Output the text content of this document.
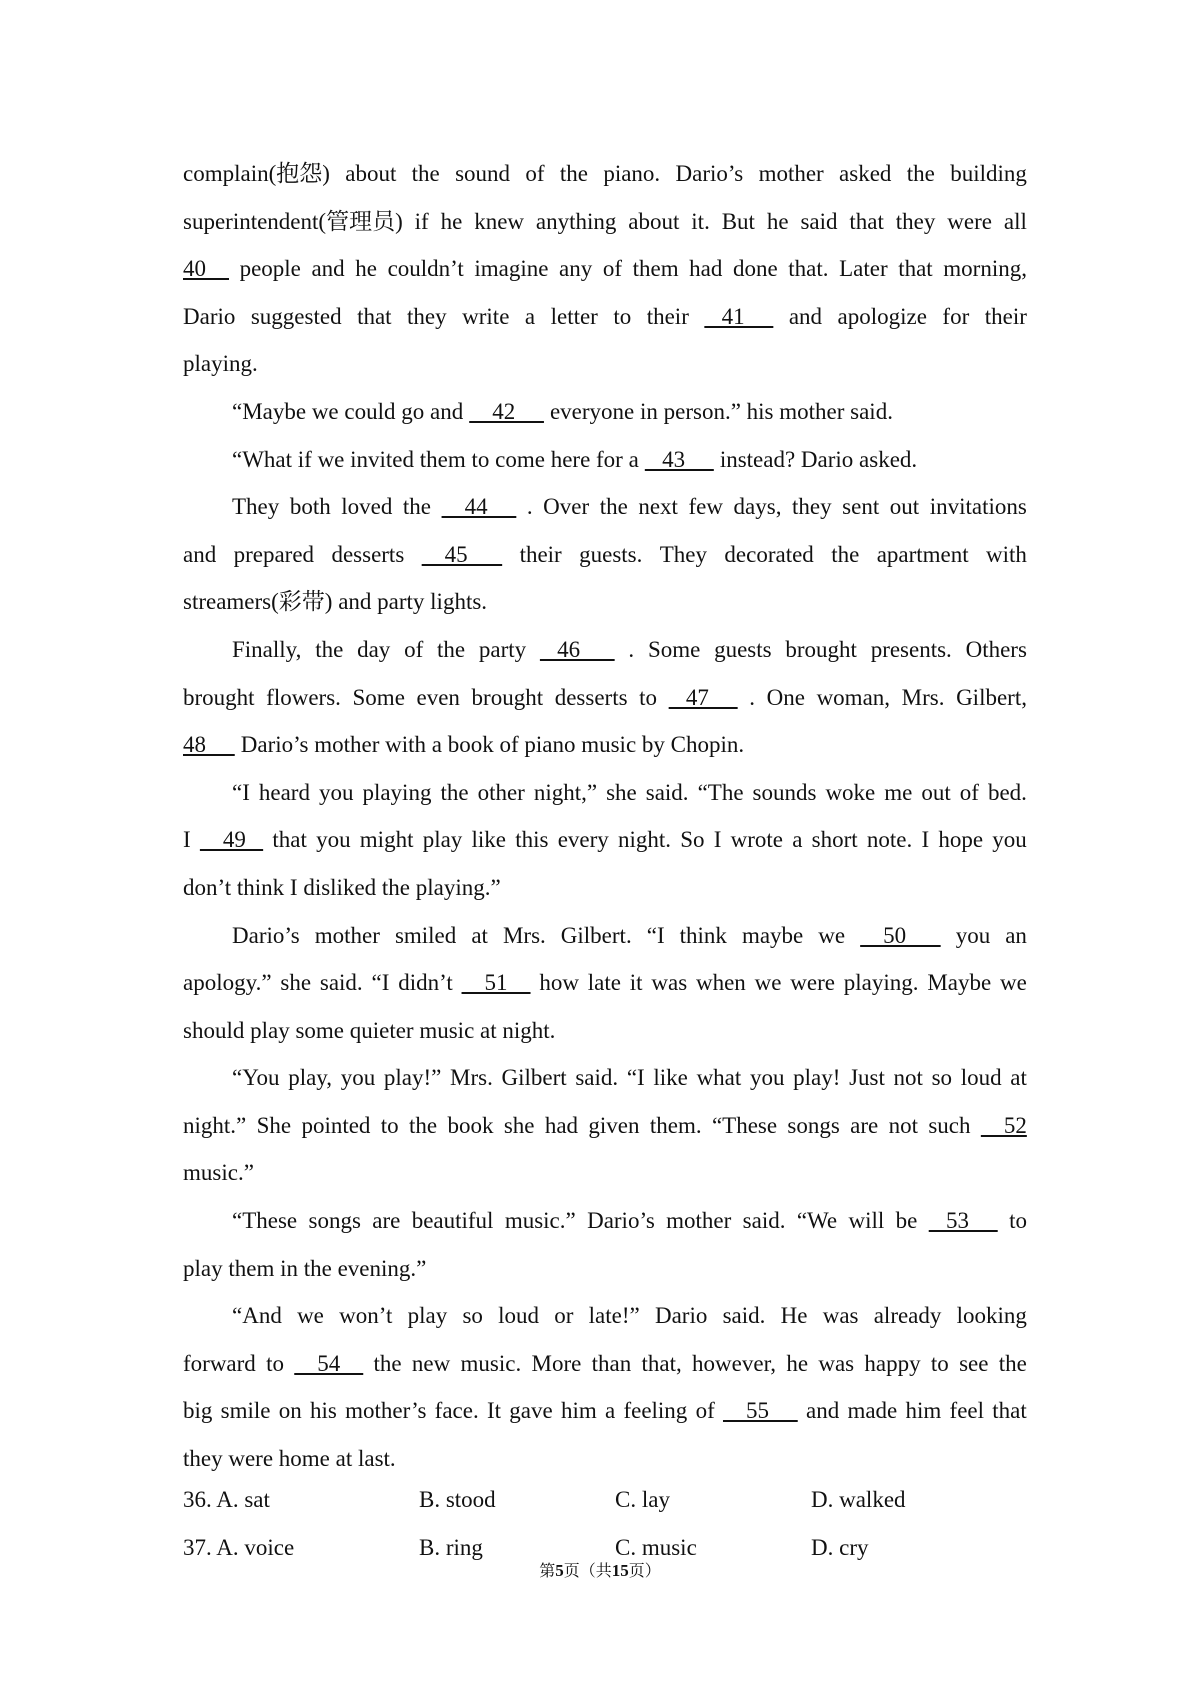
complain(抱怨) about the sound of the piano. Dario’s mother asked the building
superintendent(管理员) if he knew anything about it. But he said that they were all
40 people and he couldn’t imagine any of them had done that. Later that morning,
Dario suggested that they write a letter to their 41 and apologize for their
playing.
“Maybe we could go and 42 everyone in person.” his mother said.
“What if we invited them to come here for a 43 instead? Dario asked.
They both loved the 44 . Over the next few days, they sent out invitations
and prepared desserts 45 their guests. They decorated the apartment with
streamers(彩带) and party lights.
Finally, the day of the party 46 . Some guests brought presents. Others
brought flowers. Some even brought desserts to 47 . One woman, Mrs. Gilbert,
48 Dario’s mother with a book of piano music by Chopin.
“I heard you playing the other night,” she said. “The sounds woke me out of bed.
I 49 that you might play like this every night. So I wrote a short note. I hope you
don’t think I disliked the playing.”
Dario’s mother smiled at Mrs. Gilbert. “I think maybe we 50 you an
apology.” she said. “I didn’t 51 how late it was when we were playing. Maybe we
should play some quieter music at night.
“You play, you play!” Mrs. Gilbert said. “I like what you play! Just not so loud at
night.” She pointed to the book she had given them. “These songs are not such 52
music.”
“These songs are beautiful music.” Dario’s mother said. “We will be 53 to
play them in the evening.”
“And we won’t play so loud or late!” Dario said. He was already looking
forward to 54 the new music. More than that, however, he was happy to see the
big smile on his mother’s face. It gave him a feeling of 55 and made him feel that
they were home at last.
36. A. sat	B. stood	C. lay	D. walked
37. A. voice	B. ring	C. music	D. cry
第5页（共15页）
